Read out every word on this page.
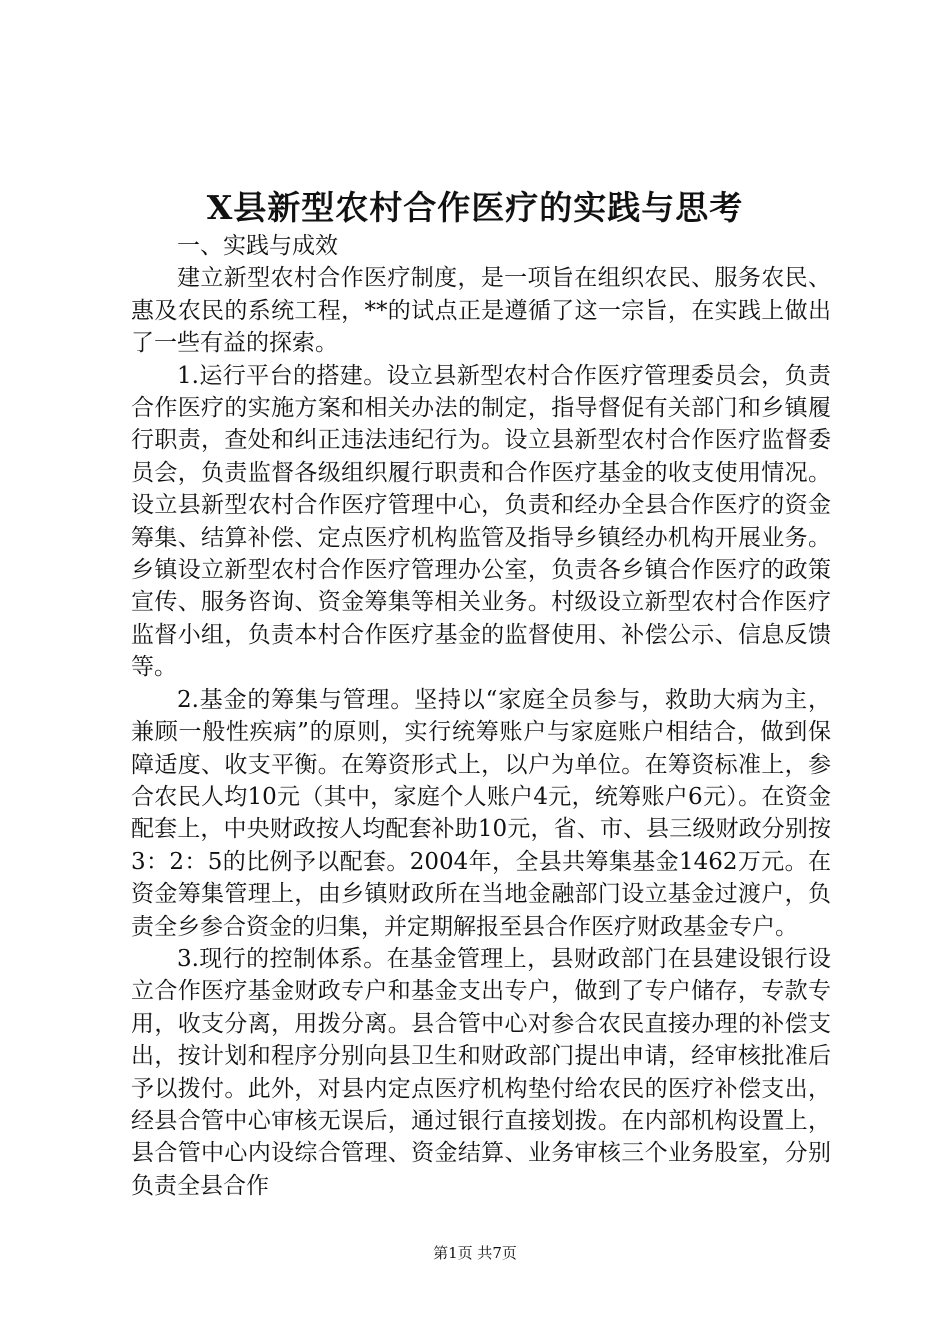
X县新型农村合作医疗的实践与思考

一、实践与成效

建立新型农村合作医疗制度，是一项旨在组织农民、服务农民、惠及农民的系统工程，**的试点正是遵循了这一宗旨，在实践上做出了一些有益的探索。

1.运行平台的搭建。设立县新型农村合作医疗管理委员会，负责合作医疗的实施方案和相关办法的制定，指导督促有关部门和乡镇履行职责，查处和纠正违法违纪行为。设立县新型农村合作医疗监督委员会，负责监督各级组织履行职责和合作医疗基金的收支使用情况。设立县新型农村合作医疗管理中心，负责和经办全县合作医疗的资金筹集、结算补偿、定点医疗机构监管及指导乡镇经办机构开展业务。乡镇设立新型农村合作医疗管理办公室，负责各乡镇合作医疗的政策宣传、服务咨询、资金筹集等相关业务。村级设立新型农村合作医疗监督小组，负责本村合作医疗基金的监督使用、补偿公示、信息反馈等。

2.基金的筹集与管理。坚持以“家庭全员参与，救助大病为主，兼顾一般性疾病”的原则，实行统筹账户与家庭账户相结合，做到保障适度、收支平衡。在筹资形式上，以户为单位。在筹资标准上，参合农民人均10元（其中，家庭个人账户4元，统筹账户6元）。在资金配套上，中央财政按人均配套补助10元，省、市、县三级财政分别按3：2：5的比例予以配套。2004年，全县共筹集基金1462万元。在资金筹集管理上，由乡镇财政所在当地金融部门设立基金过渡户，负责全乡参合资金的归集，并定期解报至县合作医疗财政基金专户。

3.现行的控制体系。在基金管理上，县财政部门在县建设银行设立合作医疗基金财政专户和基金支出专户，做到了专户储存，专款专用，收支分离，用拨分离。县合管中心对参合农民直接办理的补偿支出，按计划和程序分别向县卫生和财政部门提出申请，经审核批准后予以拨付。此外，对县内定点医疗机构垫付给农民的医疗补偿支出，经县合管中心审核无误后，通过银行直接划拨。在内部机构设置上，县合管中心内设综合管理、资金结算、业务审核三个业务股室，分别负责全县合作

第1页 共7页
